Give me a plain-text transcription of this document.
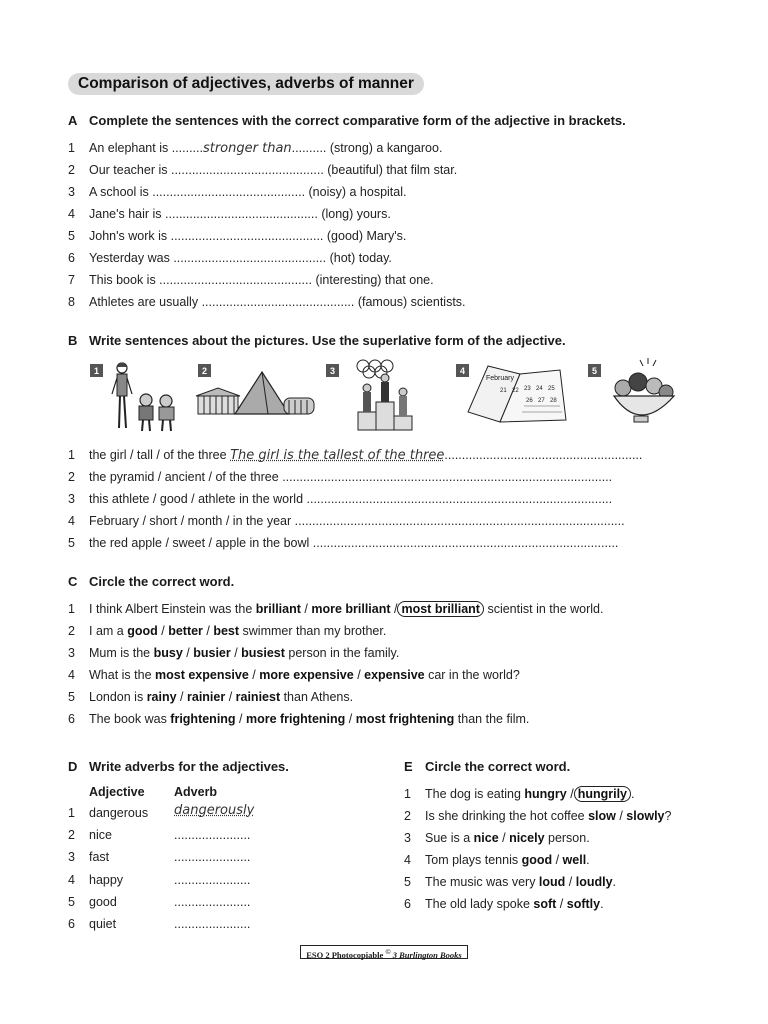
Comparison of adjectives, adverbs of manner
A Complete the sentences with the correct comparative form of the adjective in brackets.
1 An elephant is .........stronger than.......... (strong) a kangaroo.
2 Our teacher is ............................................ (beautiful) that film star.
3 A school is ............................................ (noisy) a hospital.
4 Jane's hair is ............................................ (long) yours.
5 John's work is ............................................ (good) Mary's.
6 Yesterday was ............................................ (hot) today.
7 This book is ............................................ (interesting) that one.
8 Athletes are usually ............................................ (famous) scientists.
B Write sentences about the pictures. Use the superlative form of the adjective.
1	2	3	4
February
21 22 23 24 25
26 27 28
5
1 the girl / tall / of the three The girl is the tallest of the three.........................................................
2 the pyramid / ancient / of the three ...............................................................................................
3 this athlete / good / athlete in the world ........................................................................................
4 February / short / month / in the year ...............................................................................................
5 the red apple / sweet / apple in the bowl ........................................................................................
C Circle the correct word.
1 I think Albert Einstein was the brilliant / more brilliant / most brilliant scientist in the world.
2 I am a good / better / best swimmer than my brother.
3 Mum is the busy / busier / busiest person in the family.
4 What is the most expensive / more expensive / expensive car in the world?
5 London is rainy / rainier / rainiest than Athens.
6 The book was frightening / more frightening / most frightening than the film.
D Write adverbs for the adjectives.
Adjective Adverb
1 dangerous dangerously
2 nice	......................
3 fast	......................
4 happy	......................
5 good	......................
6 quiet	......................
E Circle the correct word.
1 The dog is eating hungry / hungrily .
2 Is she drinking the hot coffee slow / slowly?
3 Sue is a nice / nicely person.
4 Tom plays tennis good / well.
5 The music was very loud / loudly.
6 The old lady spoke soft / softly.
ESO 2 Photocopiable © 3 Burlington Books
